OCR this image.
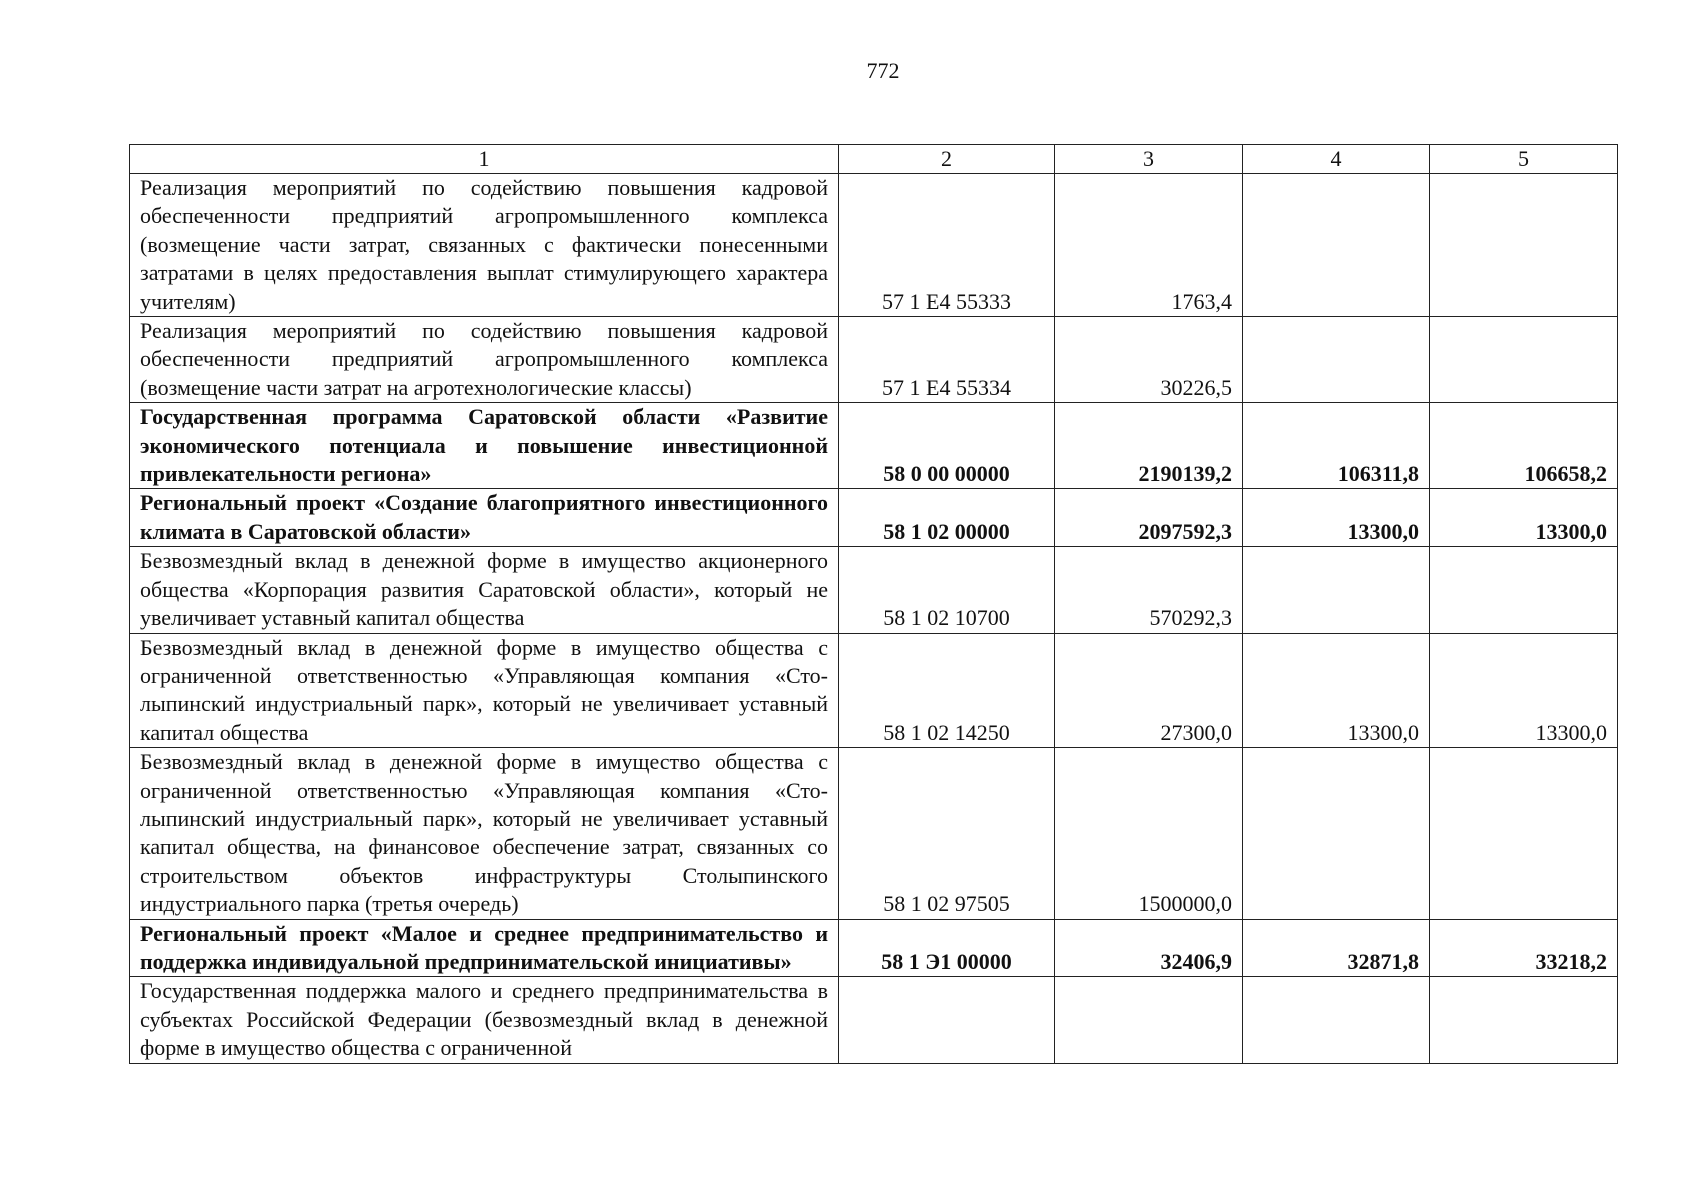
772
1	2	3	4	5
Реализация мероприятий по содействию повышения кадровой обеспеченности предприятий агропромышленного комплекса (возмещение части затрат, связанных с фактически понесенными затратами в целях предоставления выплат стимулирующего характера учителям)	57 1 E4 55333	1763,4		
Реализация мероприятий по содействию повышения кадровой обеспеченности предприятий агропромышленного комплекса (возмещение части затрат на агротехнологические классы)	57 1 E4 55334	30226,5		
Государственная программа Саратовской области «Развитие экономического потенциала и повышение инвестиционной привлекательности региона»	58 0 00 00000	2190139,2	106311,8	106658,2
Региональный проект «Создание благоприятного инвестиционного климата в Саратовской области»	58 1 02 00000	2097592,3	13300,0	13300,0
Безвозмездный вклад в денежной форме в имущество акционерного общества «Корпорация развития Саратовской области», который не увеличивает уставный капитал общества	58 1 02 10700	570292,3		
Безвозмездный вклад в денежной форме в имущество общества с ограниченной ответственностью «Управляющая компания «Столыпинский индустриальный парк», который не увеличивает уставный капитал общества	58 1 02 14250	27300,0	13300,0	13300,0
Безвозмездный вклад в денежной форме в имущество общества с ограниченной ответственностью «Управляющая компания «Столыпинский индустриальный парк», который не увеличивает уставный капитал общества, на финансовое обеспечение затрат, связанных со строительством объектов инфраструктуры Столыпинского индустриального парка (третья очередь)	58 1 02 97505	1500000,0		
Региональный проект «Малое и среднее предпринимательство и поддержка индивидуальной предпринимательской инициативы»	58 1 Э1 00000	32406,9	32871,8	33218,2
Государственная поддержка малого и среднего предпринимательства в субъектах Российской Федерации (безвозмездный вклад в денежной форме в имущество общества с ограниченной				
